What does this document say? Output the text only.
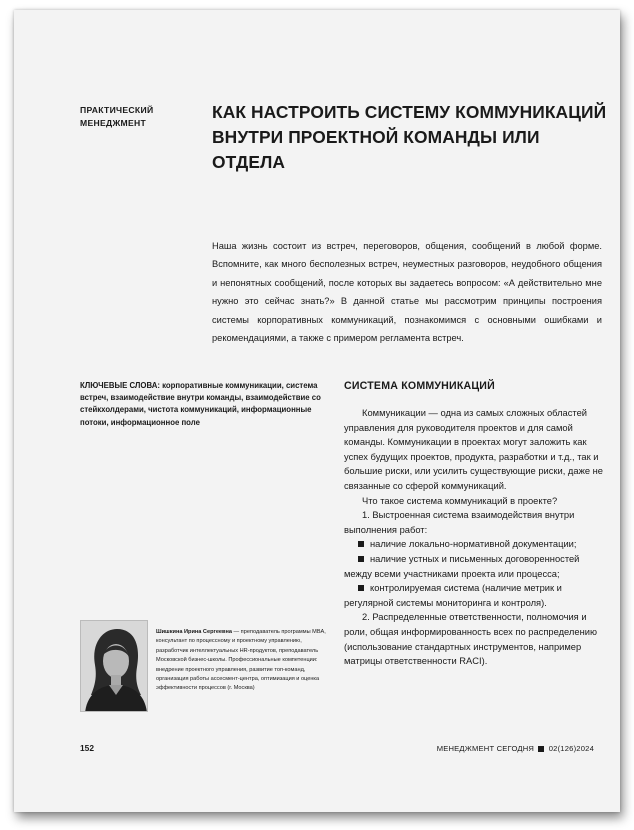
ПРАКТИЧЕСКИЙ
МЕНЕДЖМЕНТ
КАК НАСТРОИТЬ СИСТЕМУ КОММУНИКАЦИЙ
ВНУТРИ ПРОЕКТНОЙ КОМАНДЫ ИЛИ ОТДЕЛА

Наша жизнь состоит из встреч, переговоров, общения, сообщений в любой форме. Вспомните, как много бесполезных встреч, неуместных разговоров, неудобного общения и непонятных сообщений, после которых вы задаетесь вопросом: «А действительно мне нужно это сейчас знать?» В данной статье мы рассмотрим принципы построения системы корпоративных коммуникаций, познакомимся с основными ошибками и рекомендациями, а также с примером регламента встреч.

КЛЮЧЕВЫЕ СЛОВА: корпоративные коммуникации, система встреч, взаимодействие внутри команды, взаимодействие со стейкхолдерами, чистота коммуникаций, информационные потоки, информационное поле
СИСТЕМА КОММУНИКАЦИЙ

Коммуникации — одна из самых сложных областей управления для руководителя проектов и для самой команды. Коммуникации в проектах могут заложить как успех будущих проектов, продукта, разработки и т.д., так и большие риски, или усилить существующие риски, даже не связанные со сферой коммуникаций.

Что такое система коммуникаций в проекте?

1. Выстроенная система взаимодействия внутри выполнения работ:

наличие локально-нормативной документации;

наличие устных и письменных договоренностей между всеми участниками проекта или процесса;

контролируемая система (наличие метрик и регулярной системы мониторинга и контроля).

2. Распределенные ответственности, полномочия и роли, общая информированность всех по распределению (использование стандартных инструментов, например матрицы ответственности RACI).

Шишкина Ирина Сергеевна — преподаватель программы MBA, консультант по процессному и проектному управлению, разработчик интеллектуальных HR-продуктов, преподаватель Московской бизнес-школы. Профессиональные компетенции: внедрение проектного управления, развитие топ-команд, организация работы ассесмент-центра, оптимизация и оценка эффективности процессов (г. Москва)
152	МЕНЕДЖМЕНТ СЕГОДНЯ 02(126)2024
